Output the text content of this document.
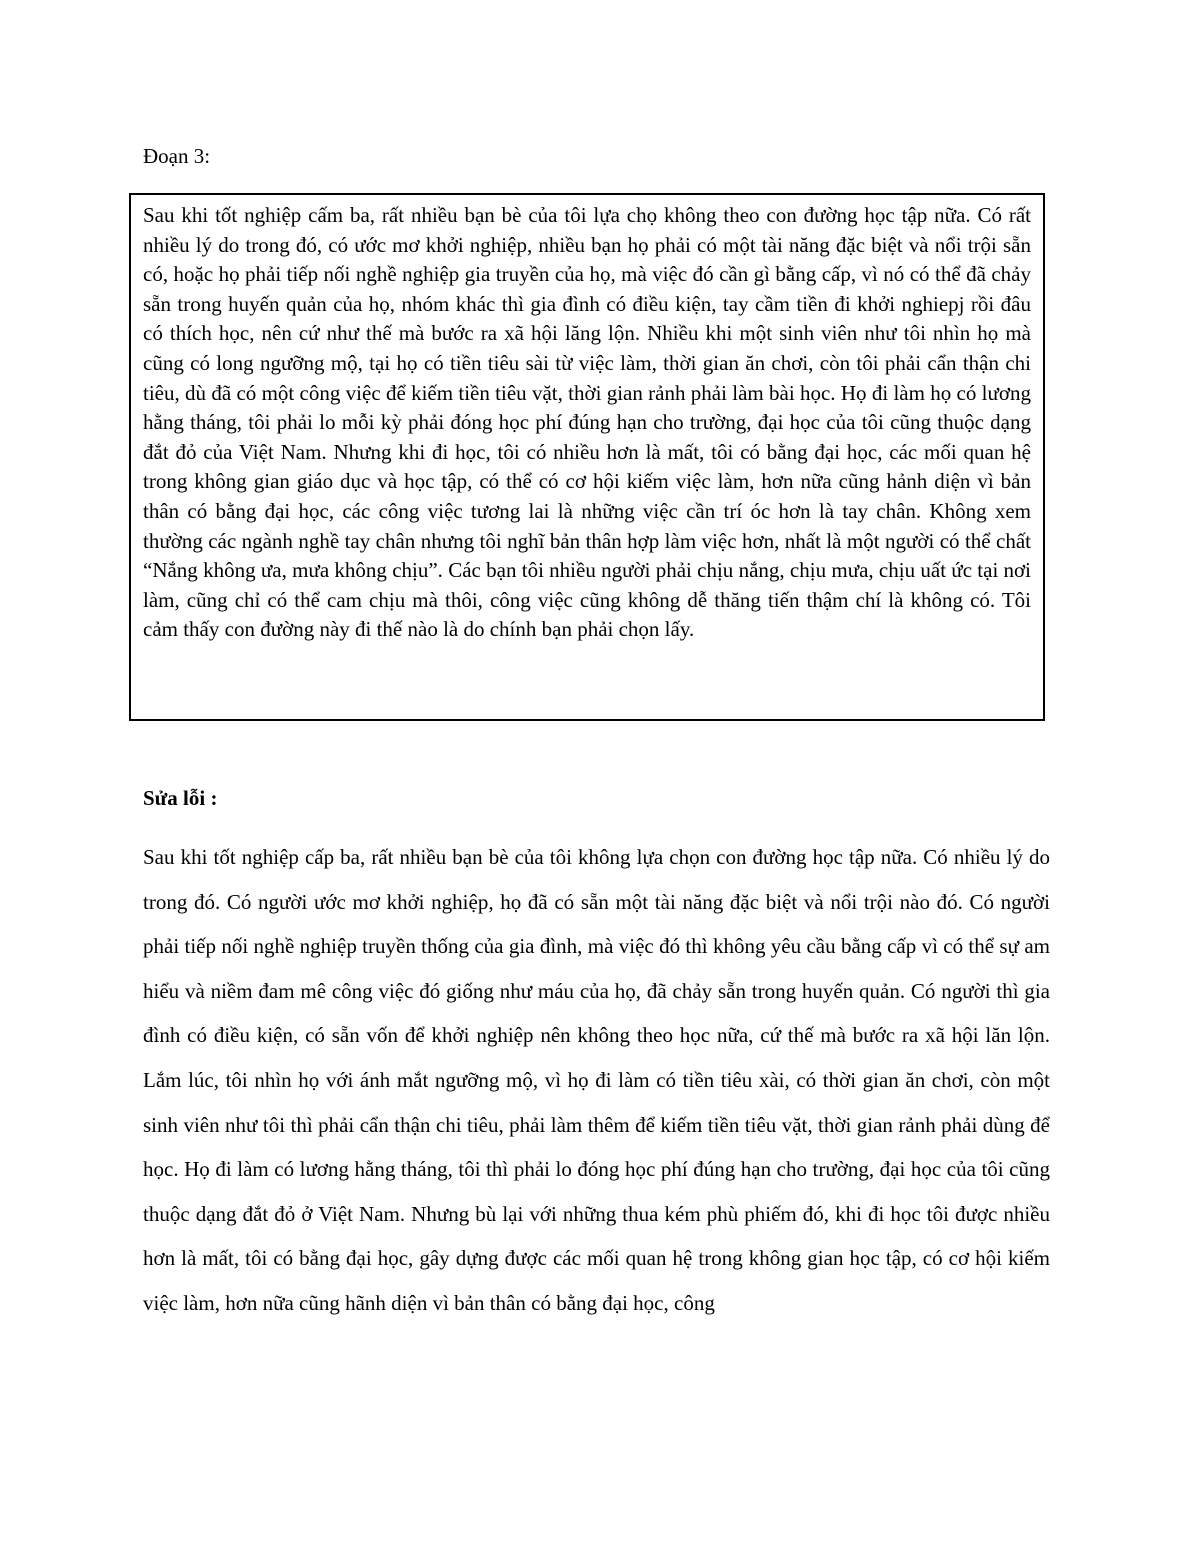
Đoạn 3:
Sau khi tốt nghiệp cấm ba, rất nhiều bạn bè của tôi lựa chọ không theo con đường học tập nữa. Có rất nhiều lý do trong đó, có ước mơ khởi nghiệp, nhiều bạn họ phải có một tài năng đặc biệt và nổi trội sẵn có, hoặc họ phải tiếp nối nghề nghiệp gia truyền của họ, mà việc đó cần gì bằng cấp, vì nó có thể đã chảy sẵn trong huyến quản của họ, nhóm khác thì gia đình có điều kiện, tay cầm tiền đi khởi nghiepj rồi đâu có thích học, nên cứ như thế mà bước ra xã hội lăng lộn. Nhiều khi một sinh viên như tôi nhìn họ mà cũng có long ngưỡng mộ, tại họ có tiền tiêu sài từ việc làm, thời gian ăn chơi, còn tôi phải cẩn thận chi tiêu, dù đã có một công việc để kiếm tiền tiêu vặt, thời gian rảnh phải làm bài học. Họ đi làm họ có lương hằng tháng, tôi phải lo mỗi kỳ phải đóng học phí đúng hạn cho trường, đại học của tôi cũng thuộc dạng đắt đỏ của Việt Nam. Nhưng khi đi học, tôi có nhiều hơn là mất, tôi có bằng đại học, các mối quan hệ trong không gian giáo dục và học tập, có thể có cơ hội kiếm việc làm, hơn nữa cũng hảnh diện vì bản thân có bằng đại học, các công việc tương lai là những việc cần trí óc hơn là tay chân. Không xem thường các ngành nghề tay chân nhưng tôi nghĩ bản thân hợp làm việc hơn, nhất là một người có thể chất “Nắng không ưa, mưa không chịu”. Các bạn tôi nhiều người phải chịu nắng, chịu mưa, chịu uất ức tại nơi làm, cũng chỉ có thể cam chịu mà thôi, công việc cũng không dễ thăng tiến thậm chí là không có. Tôi cảm thấy con đường này đi thế nào là do chính bạn phải chọn lấy.
Sửa lỗi :
Sau khi tốt nghiệp cấp ba, rất nhiều bạn bè của tôi không lựa chọn con đường học tập nữa. Có nhiều lý do trong đó. Có người ước mơ khởi nghiệp, họ đã có sẵn một tài năng đặc biệt và nổi trội nào đó. Có người phải tiếp nối nghề nghiệp truyền thống của gia đình, mà việc đó thì không yêu cầu bằng cấp vì có thể sự am hiểu và niềm đam mê công việc đó giống như máu của họ, đã chảy sẵn trong huyến quản. Có người thì gia đình có điều kiện, có sẵn vốn để khởi nghiệp nên không theo học nữa, cứ thế mà bước ra xã hội lăn lộn. Lắm lúc, tôi nhìn họ với ánh mắt ngưỡng mộ, vì họ đi làm có tiền tiêu xài, có thời gian ăn chơi, còn một sinh viên như tôi thì phải cẩn thận chi tiêu, phải làm thêm để kiếm tiền tiêu vặt, thời gian rảnh phải dùng để học. Họ đi làm có lương hằng tháng, tôi thì phải lo đóng học phí đúng hạn cho trường, đại học của tôi cũng thuộc dạng đắt đỏ ở Việt Nam. Nhưng bù lại với những thua kém phù phiếm đó, khi đi học tôi được nhiều hơn là mất, tôi có bằng đại học, gây dựng được các mối quan hệ trong không gian học tập, có cơ hội kiếm việc làm, hơn nữa cũng hãnh diện vì bản thân có bằng đại học, công
